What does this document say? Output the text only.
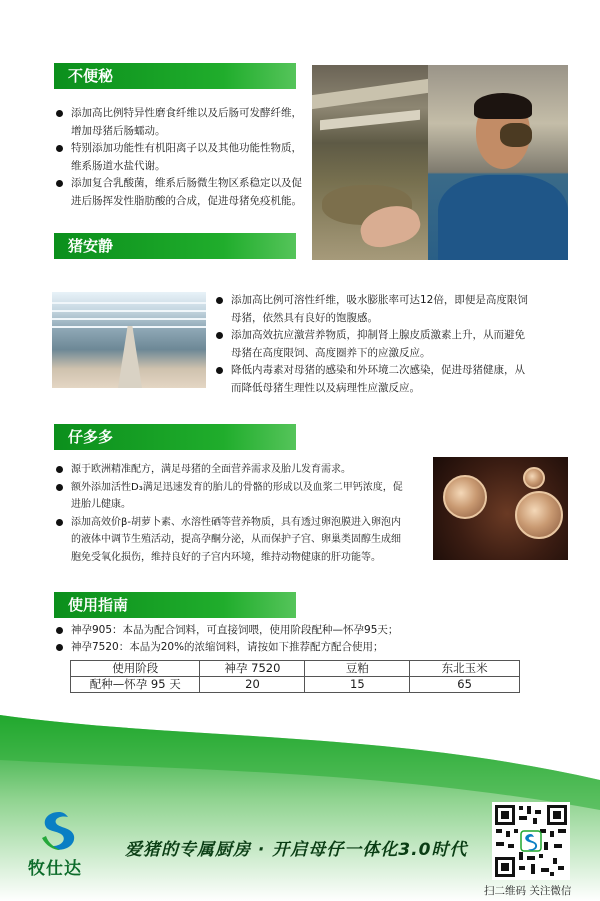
不便秘
添加高比例特异性磨食纤维以及后肠可发酵纤维，
增加母猪后肠蠕动。
特别添加功能性有机阳离子以及其他功能性物质，
维系肠道水盐代谢。
添加复合乳酸菌，维系后肠微生物区系稳定以及促
进后肠挥发性脂肪酸的合成，促进母猪免疫机能。
猪安静
添加高比例可溶性纤维，吸水膨胀率可达12倍，即便是高度限饲
母猪，依然具有良好的饱腹感。
添加高效抗应激营养物质，抑制肾上腺皮质激素上升，从而避免
母猪在高度限饲、高度圈养下的应激反应。
降低内毒素对母猪的感染和外环境二次感染，促进母猪健康，从
而降低母猪生理性以及病理性应激反应。
仔多多
源于欧洲精准配方，满足母猪的全面营养需求及胎儿发育需求。
额外添加活性D₃满足迅速发育的胎儿的骨骼的形成以及血浆二甲钙浓度，促
进胎儿健康。
添加高效价β-胡萝卜素、水溶性硒等营养物质，具有透过卵泡膜进入卵泡内
的液体中调节生殖活动，提高孕酮分泌，从而保护子宫、卵巢类固醇生成细
胞免受氧化损伤，维持良好的子宫内环境，维持动物健康的肝功能等。
使用指南
神孕905：本品为配合饲料，可直接饲喂，使用阶段配种—怀孕95天；
神孕7520：本品为20%的浓缩饲料，请按如下推荐配方配合使用；
使用阶段	神孕 7520	豆粕	东北玉米
配种—怀孕 95 天	20	15	65
牧仕达
爱猪的专属厨房 · 开启母仔一体化3.0时代
扫二维码 关注微信
